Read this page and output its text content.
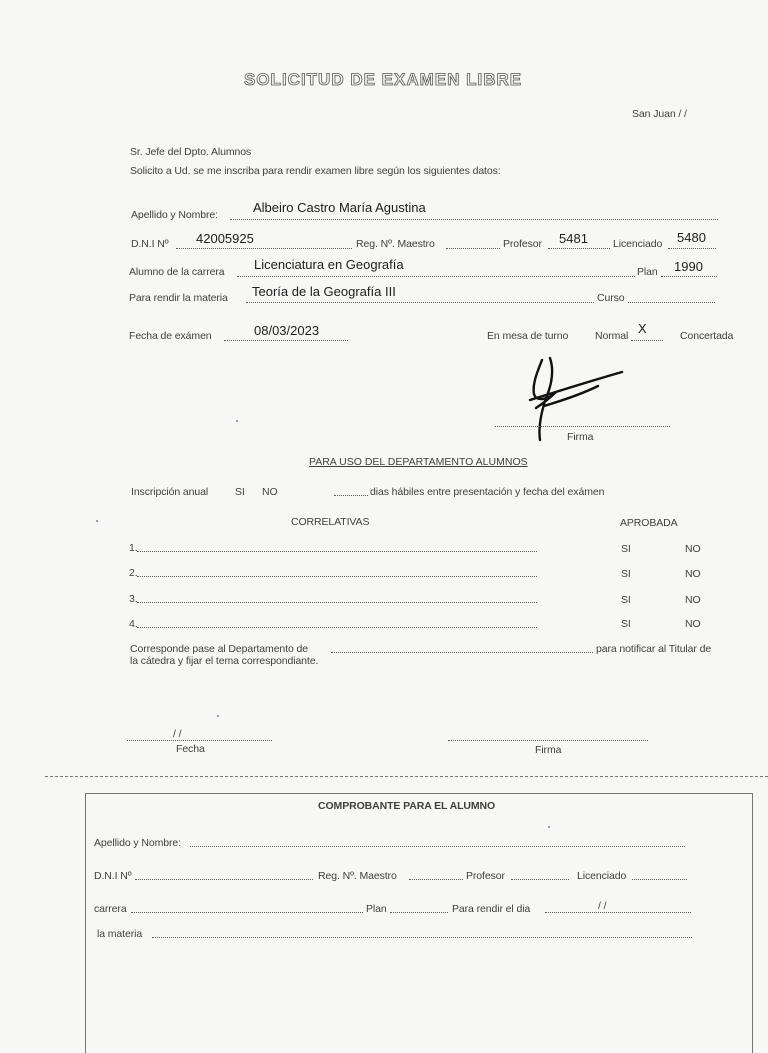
SOLICITUD DE EXAMEN LIBRE
San Juan / /
Sr. Jefe del Dpto. Alumnos
Solicito a Ud. se me inscriba para rendir examen libre según los siguientes datos:
Apellido y Nombre:	Albeiro Castro María Agustina
D.N.I Nº 42005925	Reg. Nº. Maestro	Profesor 5481 Licenciado 5480
Alumno de la carrera Licenciatura en Geografía	Plan 1990
Para rendir la materia Teoría de la Geografía III	Curso
Fecha de exámen	08/03/2023	En mesa de turno	Normal X	Concertada
Firma
PARA USO DEL DEPARTAMENTO ALUMNOS
Inscripción anual	SI NO	dias hábiles entre presentación y fecha del exámen
CORRELATIVAS	APROBADA
1.	SI	NO
2.	SI	NO
3.	SI	NO
4.	SI	NO
Corresponde pase al Departamento de	para notificar al Titular de
la cátedra y fijar el tema correspondiante.
/ /
Fecha	Firma
COMPROBANTE PARA EL ALUMNO
Apellido y Nombre:
D.N.I Nº	Reg. Nº. Maestro	Profesor	Licenciado
carrera	Plan	Para rendir el dia	/ /
la materia
